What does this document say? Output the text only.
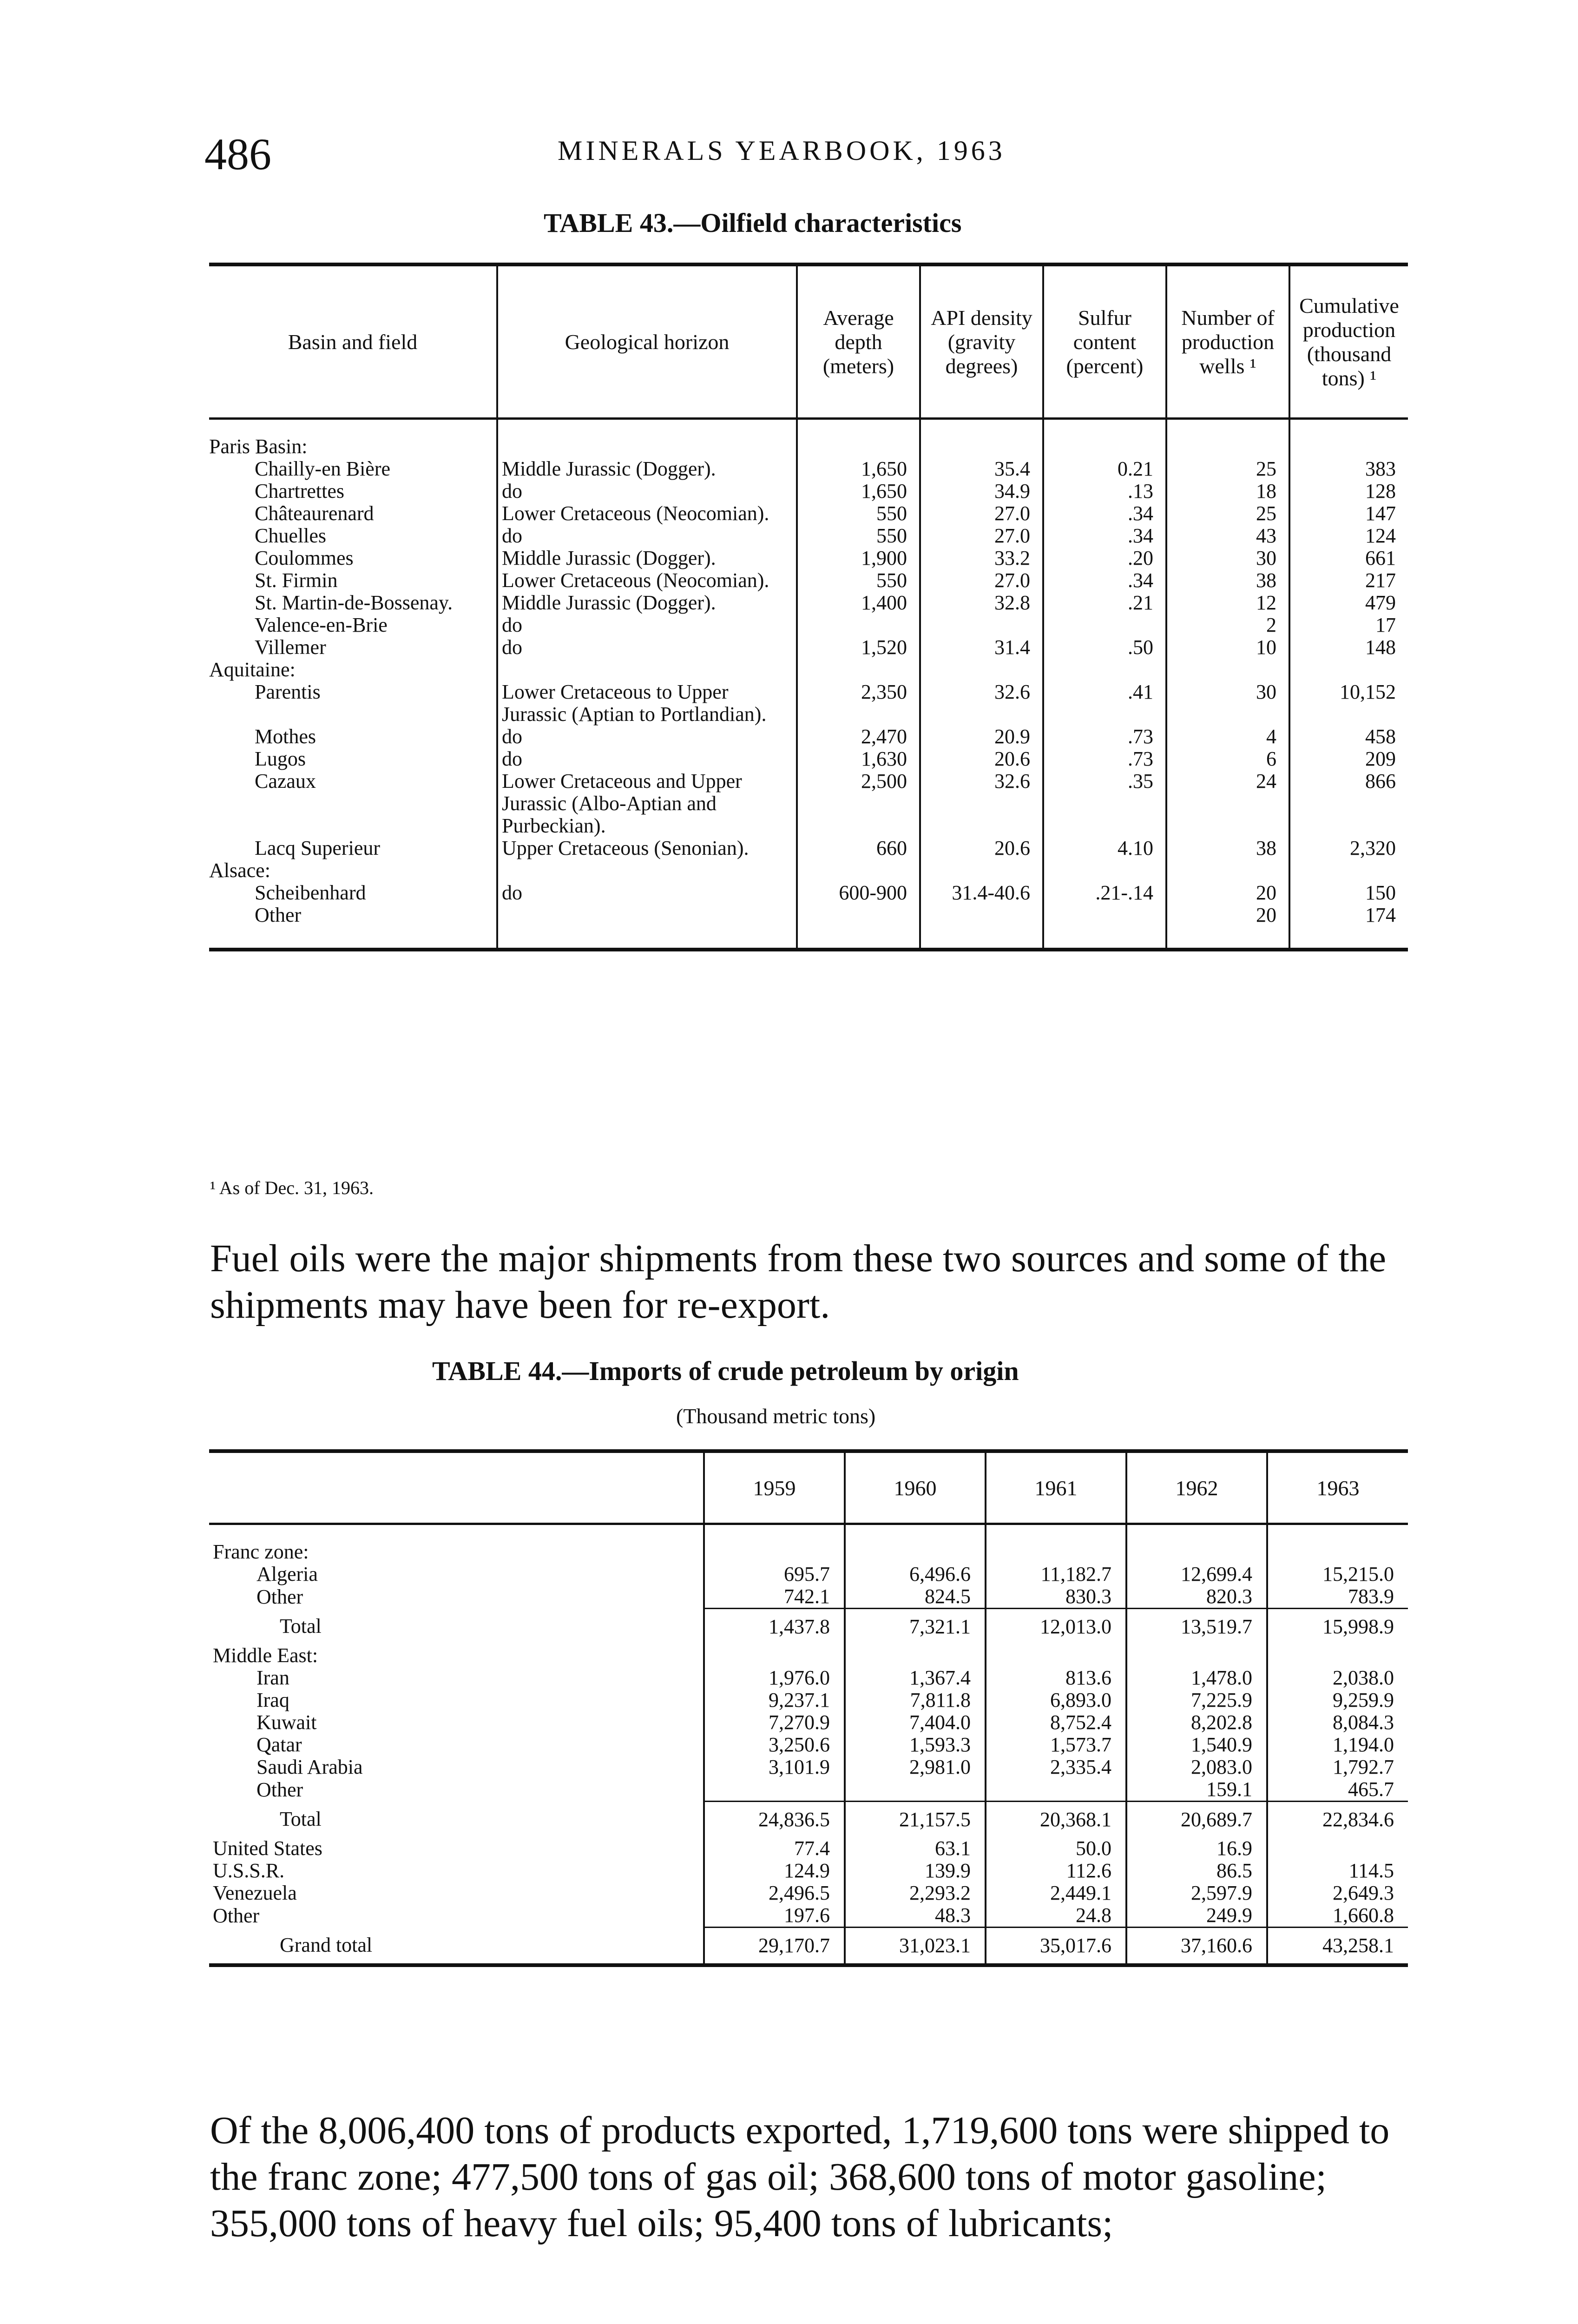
486	MINERALS YEARBOOK, 1963
TABLE 43.—Oilfield characteristics
Basin and field	Geological horizon	Average depth (meters)	API density (gravity degrees)	Sulfur content (percent)	Number of production wells ¹	Cumulative production (thousand tons) ¹
Paris Basin:						
Chailly-en Bière	Middle Jurassic (Dogger).	1,650	35.4	0.21	25	383
Chartrettes	do	1,650	34.9	.13	18	128
Châteaurenard	Lower Cretaceous (Neocomian).	550	27.0	.34	25	147
Chuelles	do	550	27.0	.34	43	124
Coulommes	Middle Jurassic (Dogger).	1,900	33.2	.20	30	661
St. Firmin	Lower Cretaceous (Neocomian).	550	27.0	.34	38	217
St. Martin-de-Bossenay.	Middle Jurassic (Dogger).	1,400	32.8	.21	12	479
Valence-en-Brie	do				2	17
Villemer	do	1,520	31.4	.50	10	148
Aquitaine:						
Parentis	Lower Cretaceous to Upper Jurassic (Aptian to Portlandian).	2,350	32.6	.41	30	10,152
Mothes	do	2,470	20.9	.73	4	458
Lugos	do	1,630	20.6	.73	6	209
Cazaux	Lower Cretaceous and Upper Jurassic (Albo-Aptian and Purbeckian).	2,500	32.6	.35	24	866
Lacq Superieur	Upper Cretaceous (Senonian).	660	20.6	4.10	38	2,320
Alsace:						
Scheibenhard	do	600-900	31.4-40.6	.21-.14	20	150
Other					20	174
¹ As of Dec. 31, 1963.
Fuel oils were the major shipments from these two sources and some of the shipments may have been for re-export.
TABLE 44.—Imports of crude petroleum by origin
(Thousand metric tons)
	1959	1960	1961	1962	1963
Franc zone:					
Algeria	695.7	6,496.6	11,182.7	12,699.4	15,215.0
Other	742.1	824.5	830.3	820.3	783.9
Total	1,437.8	7,321.1	12,013.0	13,519.7	15,998.9
Middle East:					
Iran	1,976.0	1,367.4	813.6	1,478.0	2,038.0
Iraq	9,237.1	7,811.8	6,893.0	7,225.9	9,259.9
Kuwait	7,270.9	7,404.0	8,752.4	8,202.8	8,084.3
Qatar	3,250.6	1,593.3	1,573.7	1,540.9	1,194.0
Saudi Arabia	3,101.9	2,981.0	2,335.4	2,083.0	1,792.7
Other				159.1	465.7
Total	24,836.5	21,157.5	20,368.1	20,689.7	22,834.6
United States	77.4	63.1	50.0	16.9	
U.S.S.R.	124.9	139.9	112.6	86.5	114.5
Venezuela	2,496.5	2,293.2	2,449.1	2,597.9	2,649.3
Other	197.6	48.3	24.8	249.9	1,660.8
Grand total	29,170.7	31,023.1	35,017.6	37,160.6	43,258.1
Of the 8,006,400 tons of products exported, 1,719,600 tons were shipped to the franc zone; 477,500 tons of gas oil; 368,600 tons of motor gasoline; 355,000 tons of heavy fuel oils; 95,400 tons of lubricants;
